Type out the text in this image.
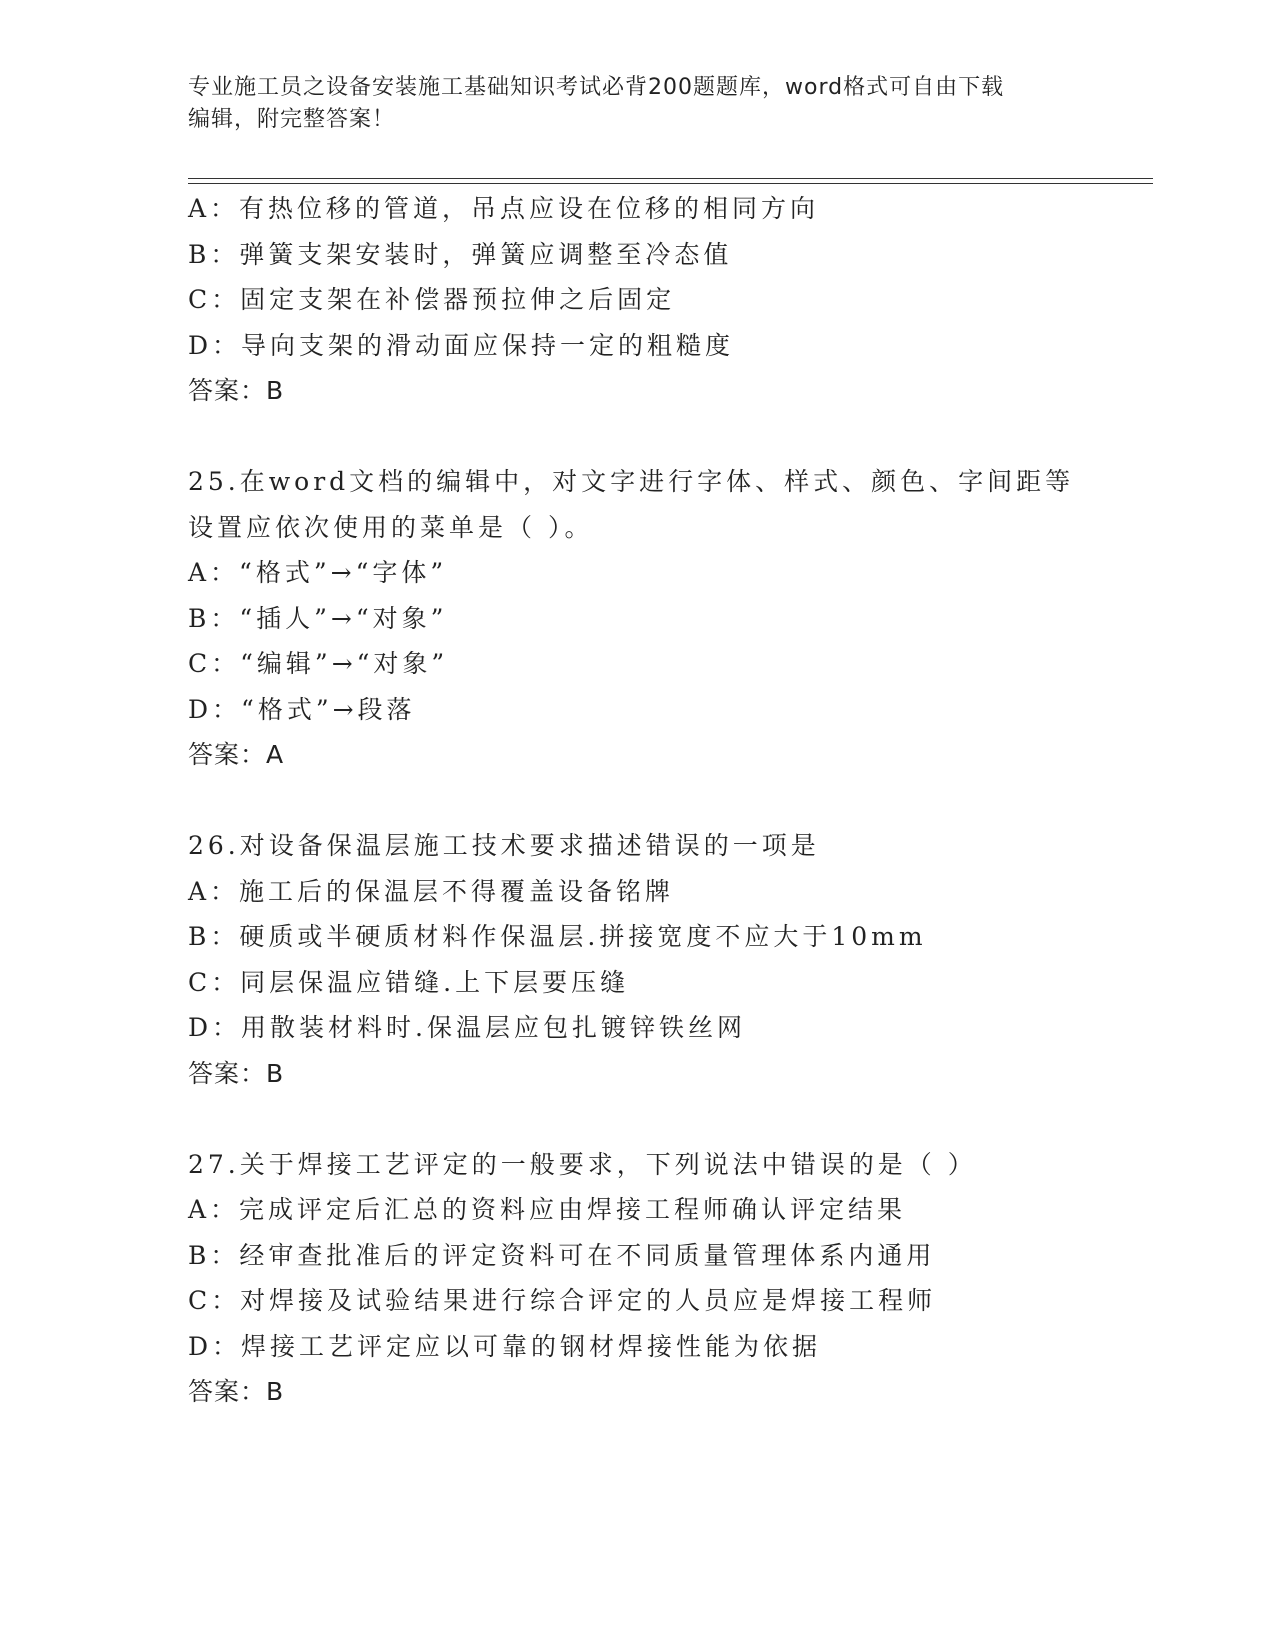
专业施工员之设备安装施工基础知识考试必背200题题库，word格式可自由下载
编辑，附完整答案！
A：有热位移的管道，吊点应设在位移的相同方向
B：弹簧支架安装时，弹簧应调整至冷态值
C：固定支架在补偿器预拉伸之后固定
D：导向支架的滑动面应保持一定的粗糙度
答案：B
25.在word文档的编辑中，对文字进行字体、样式、颜色、字间距等
设置应依次使用的菜单是（ ）。
A：“格式”→“字体”
B：“插人”→“对象”
C：“编辑”→“对象”
D：“格式”→段落
答案：A
26.对设备保温层施工技术要求描述错误的一项是
A：施工后的保温层不得覆盖设备铭牌
B：硬质或半硬质材料作保温层.拼接宽度不应大于10mm
C：同层保温应错缝.上下层要压缝
D：用散装材料时.保温层应包扎镀锌铁丝网
答案：B
27.关于焊接工艺评定的一般要求，下列说法中错误的是（ ）
A：完成评定后汇总的资料应由焊接工程师确认评定结果
B：经审查批准后的评定资料可在不同质量管理体系内通用
C：对焊接及试验结果进行综合评定的人员应是焊接工程师
D：焊接工艺评定应以可靠的钢材焊接性能为依据
答案：B
